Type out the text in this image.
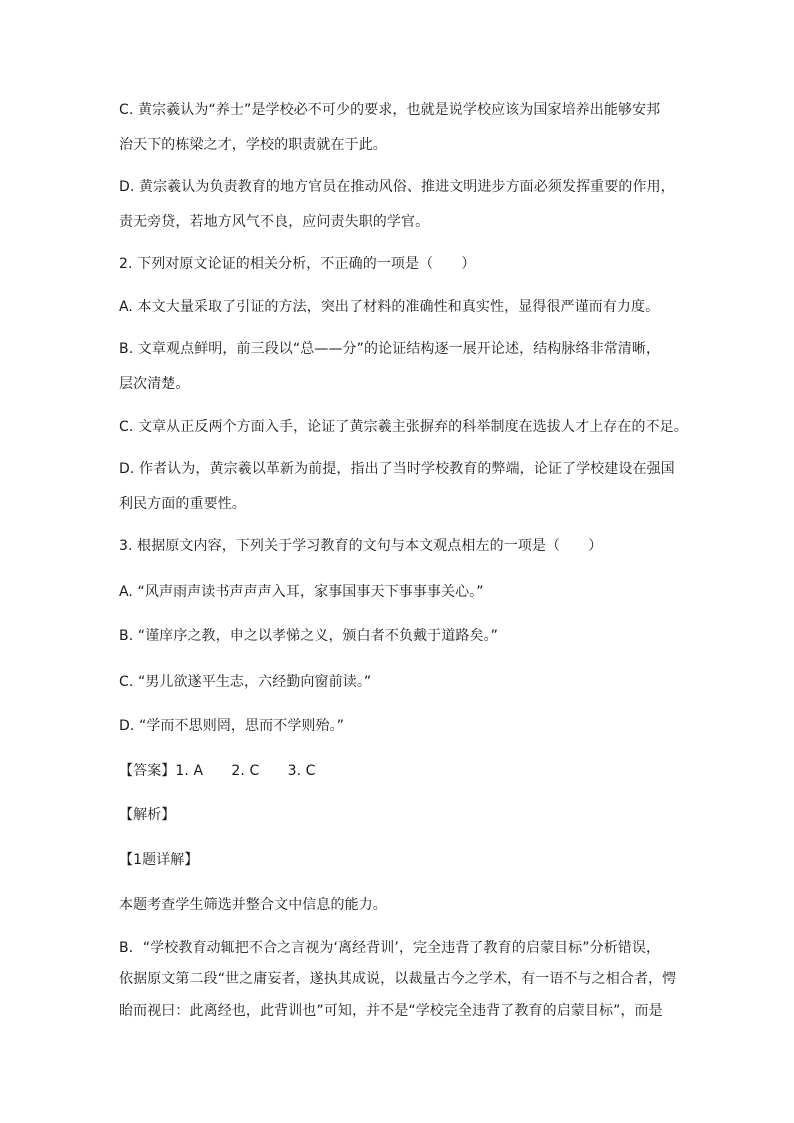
C. 黄宗羲认为“养士”是学校必不可少的要求，也就是说学校应该为国家培养出能够安邦
治天下的栋梁之才，学校的职责就在于此。
D. 黄宗羲认为负责教育的地方官员在推动风俗、推进文明进步方面必须发挥重要的作用，
责无旁贷，若地方风气不良，应问责失职的学官。
2. 下列对原文论证的相关分析，不正确的一项是（　　）
A. 本文大量采取了引证的方法，突出了材料的准确性和真实性，显得很严谨而有力度。
B. 文章观点鲜明，前三段以“总——分”的论证结构逐一展开论述，结构脉络非常清晰，
层次清楚。
C. 文章从正反两个方面入手，论证了黄宗羲主张摒弃的科举制度在选拔人才上存在的不足。
D. 作者认为，黄宗羲以革新为前提，指出了当时学校教育的弊端，论证了学校建设在强国
利民方面的重要性。
3. 根据原文内容，下列关于学习教育的文句与本文观点相左的一项是（　　）
A. “风声雨声读书声声声入耳，家事国事天下事事事关心。”
B. “谨庠序之教，申之以孝悌之义，颁白者不负戴于道路矣。”
C. “男儿欲遂平生志，六经勤向窗前读。”
D. “学而不思则罔，思而不学则殆。”
【答案】1. A　　2. C　　3. C
【解析】
【1题详解】
本题考查学生筛选并整合文中信息的能力。
B．“学校教育动辄把不合之言视为‘离经背训’，完全违背了教育的启蒙目标”分析错误，
依据原文第二段“世之庸妄者，遂执其成说，以裁量古今之学术，有一语不与之相合者，愕
眙而视曰：此离经也，此背训也”可知，并不是“学校完全违背了教育的启蒙目标”，而是
